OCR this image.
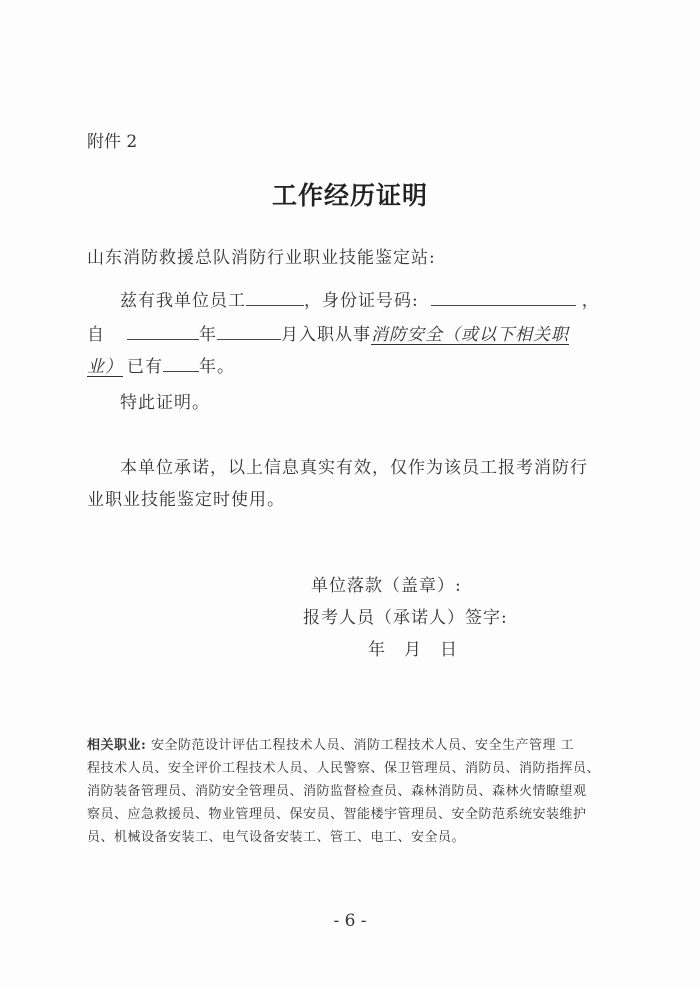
附件 2
工作经历证明
山东消防救援总队消防行业职业技能鉴定站:
兹有我单位员工	，身份证号码:	，
自	年	月入职从事消防安全（或以下相关职
业） 已有 年。
特此证明。
本单位承诺，以上信息真实有效，仅作为该员工报考消防行
业职业技能鉴定时使用。
单位落款（盖章）:
报考人员（承诺人）签字:
年　月　日
相关职业: 安全防范设计评估工程技术人员、消防工程技术人员、安全生产管理 工
程技术人员、安全评价工程技术人员、人民警察、保卫管理员、消防员、消防指挥员、
消防装备管理员、消防安全管理员、消防监督检查员、森林消防员、森林火情瞭望观
察员、应急救援员、物业管理员、保安员、智能楼宇管理员、安全防范系统安装维护
员、机械设备安装工、电气设备安装工、管工、电工、安全员。
- 6 -
